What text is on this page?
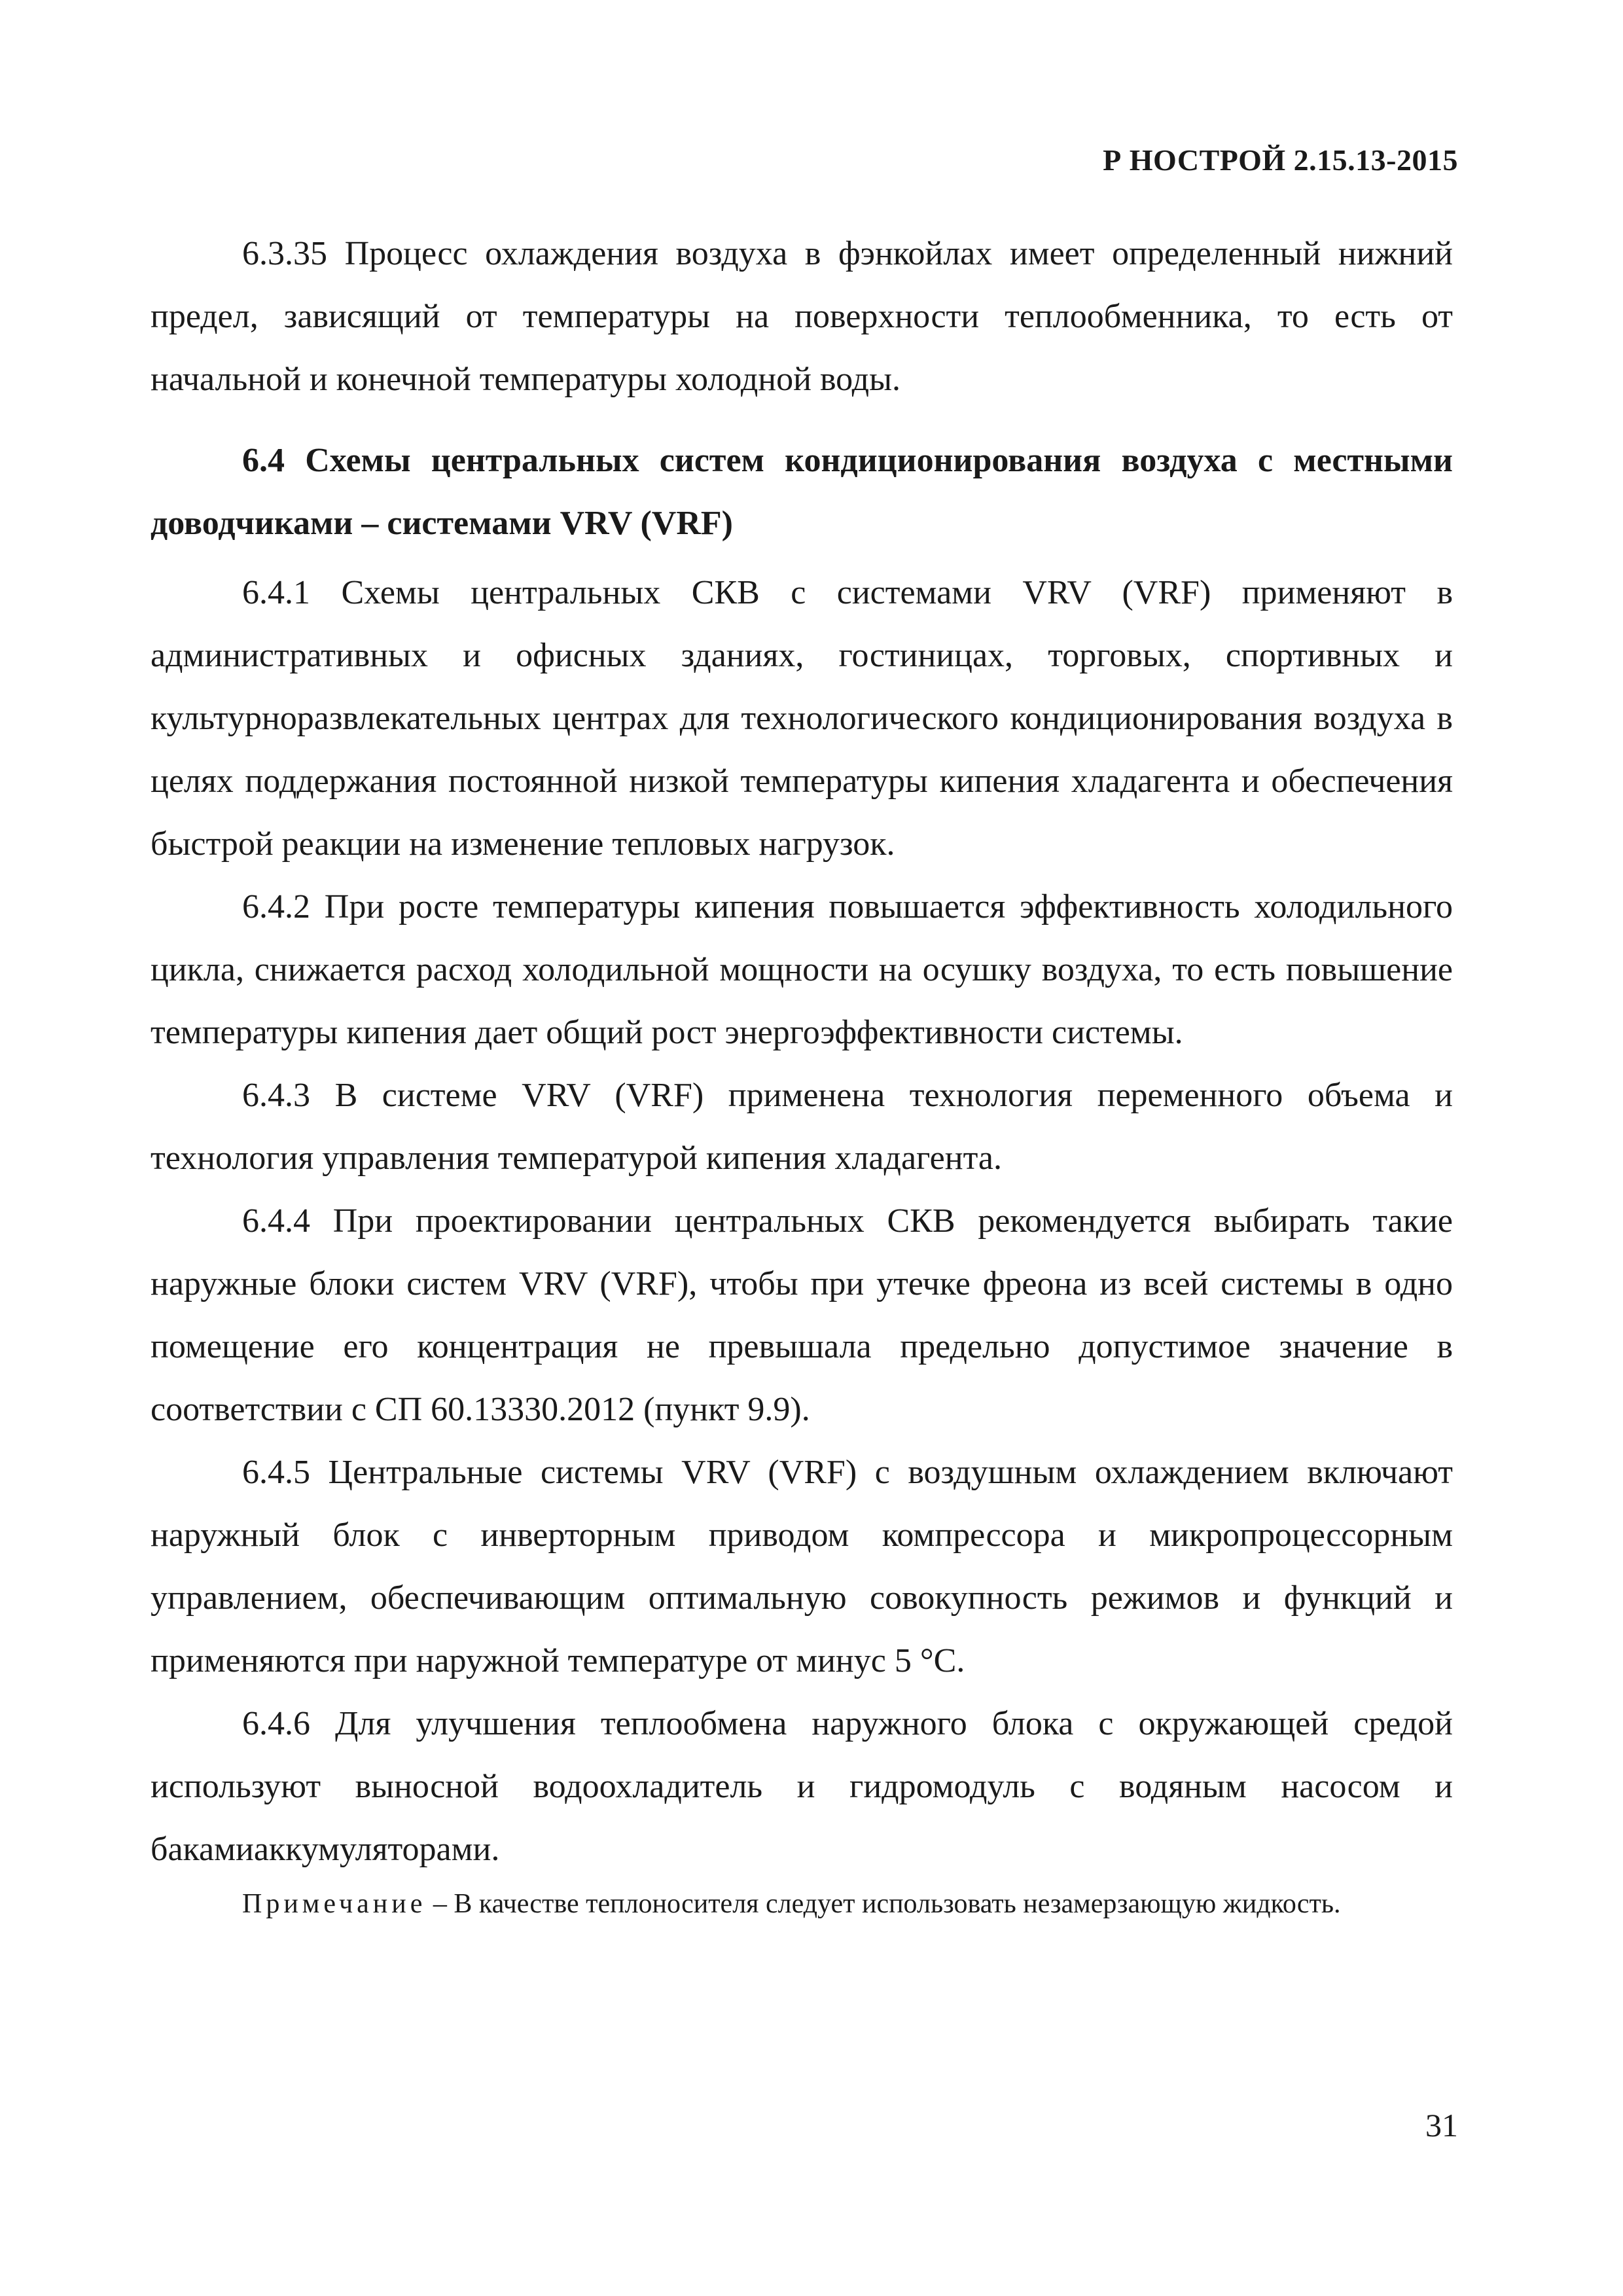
Р НОСТРОЙ 2.15.13-2015

6.3.35 Процесс охлаждения воздуха в фэнкойлах имеет определенный нижний предел, зависящий от температуры на поверхности теплообменника, то есть от начальной и конечной температуры холодной воды.

6.4 Схемы центральных систем кондиционирования воздуха с местными доводчиками – системами VRV (VRF)

6.4.1 Схемы центральных СКВ с системами VRV (VRF) применяют в административных и офисных зданиях, гостиницах, торговых, спортивных и культурноразвлекательных центрах для технологического кондиционирования воздуха в целях поддержания постоянной низкой температуры кипения хладагента и обеспечения быстрой реакции на изменение тепловых нагрузок.

6.4.2 При росте температуры кипения повышается эффективность холодильного цикла, снижается расход холодильной мощности на осушку воздуха, то есть повышение температуры кипения дает общий рост энергоэффективности системы.

6.4.3 В системе VRV (VRF) применена технология переменного объема и технология управления температурой кипения хладагента.

6.4.4 При проектировании центральных СКВ рекомендуется выбирать такие наружные блоки систем VRV (VRF), чтобы при утечке фреона из всей системы в одно помещение его концентрация не превышала предельно допустимое значение в соответствии с СП 60.13330.2012 (пункт 9.9).

6.4.5 Центральные системы VRV (VRF) с воздушным охлаждением включают наружный блок с инверторным приводом компрессора и микропроцессорным управлением, обеспечивающим оптимальную совокупность режимов и функций и применяются при наружной температуре от минус 5 °С.

6.4.6 Для улучшения теплообмена наружного блока с окружающей средой используют выносной водоохладитель и гидромодуль с водяным насосом и бакамиаккумуляторами.

Примечание – В качестве теплоносителя следует использовать незамерзающую жидкость.

31
